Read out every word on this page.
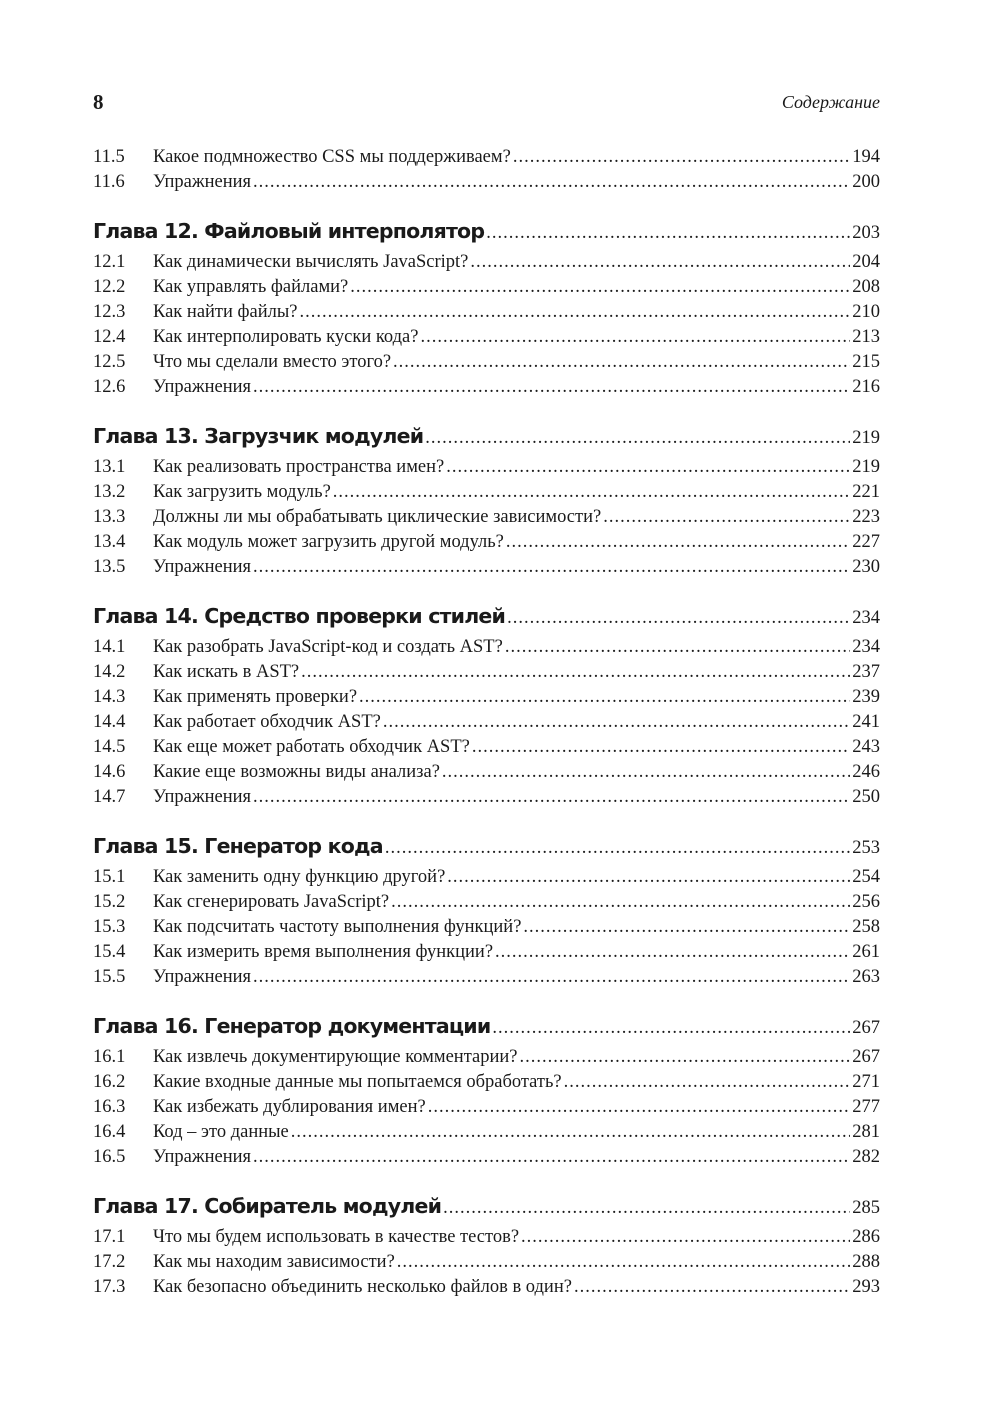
8	Содержание
11.5	Какое подмножество CSS мы поддерживаем? .....	194
11.6	Упражнения .....	200
Глава 12. Файловый интерполятор .....	203
12.1	Как динамически вычислять JavaScript? .....	204
12.2	Как управлять файлами? .....	208
12.3	Как найти файлы? .....	210
12.4	Как интерполировать куски кода? .....	213
12.5	Что мы сделали вместо этого? .....	215
12.6	Упражнения .....	216
Глава 13. Загрузчик модулей .....	219
13.1	Как реализовать пространства имен? .....	219
13.2	Как загрузить модуль? .....	221
13.3	Должны ли мы обрабатывать циклические зависимости? .....	223
13.4	Как модуль может загрузить другой модуль? .....	227
13.5	Упражнения .....	230
Глава 14. Средство проверки стилей .....	234
14.1	Как разобрать JavaScript-код и создать AST? .....	234
14.2	Как искать в AST? .....	237
14.3	Как применять проверки? .....	239
14.4	Как работает обходчик AST? .....	241
14.5	Как еще может работать обходчик AST? .....	243
14.6	Какие еще возможны виды анализа? .....	246
14.7	Упражнения .....	250
Глава 15. Генератор кода .....	253
15.1	Как заменить одну функцию другой? .....	254
15.2	Как сгенерировать JavaScript? .....	256
15.3	Как подсчитать частоту выполнения функций? .....	258
15.4	Как измерить время выполнения функции? .....	261
15.5	Упражнения .....	263
Глава 16. Генератор документации .....	267
16.1	Как извлечь документирующие комментарии? .....	267
16.2	Какие входные данные мы попытаемся обработать? .....	271
16.3	Как избежать дублирования имен? .....	277
16.4	Код – это данные .....	281
16.5	Упражнения .....	282
Глава 17. Собиратель модулей .....	285
17.1	Что мы будем использовать в качестве тестов? .....	286
17.2	Как мы находим зависимости? .....	288
17.3	Как безопасно объединить несколько файлов в один? .....	293
